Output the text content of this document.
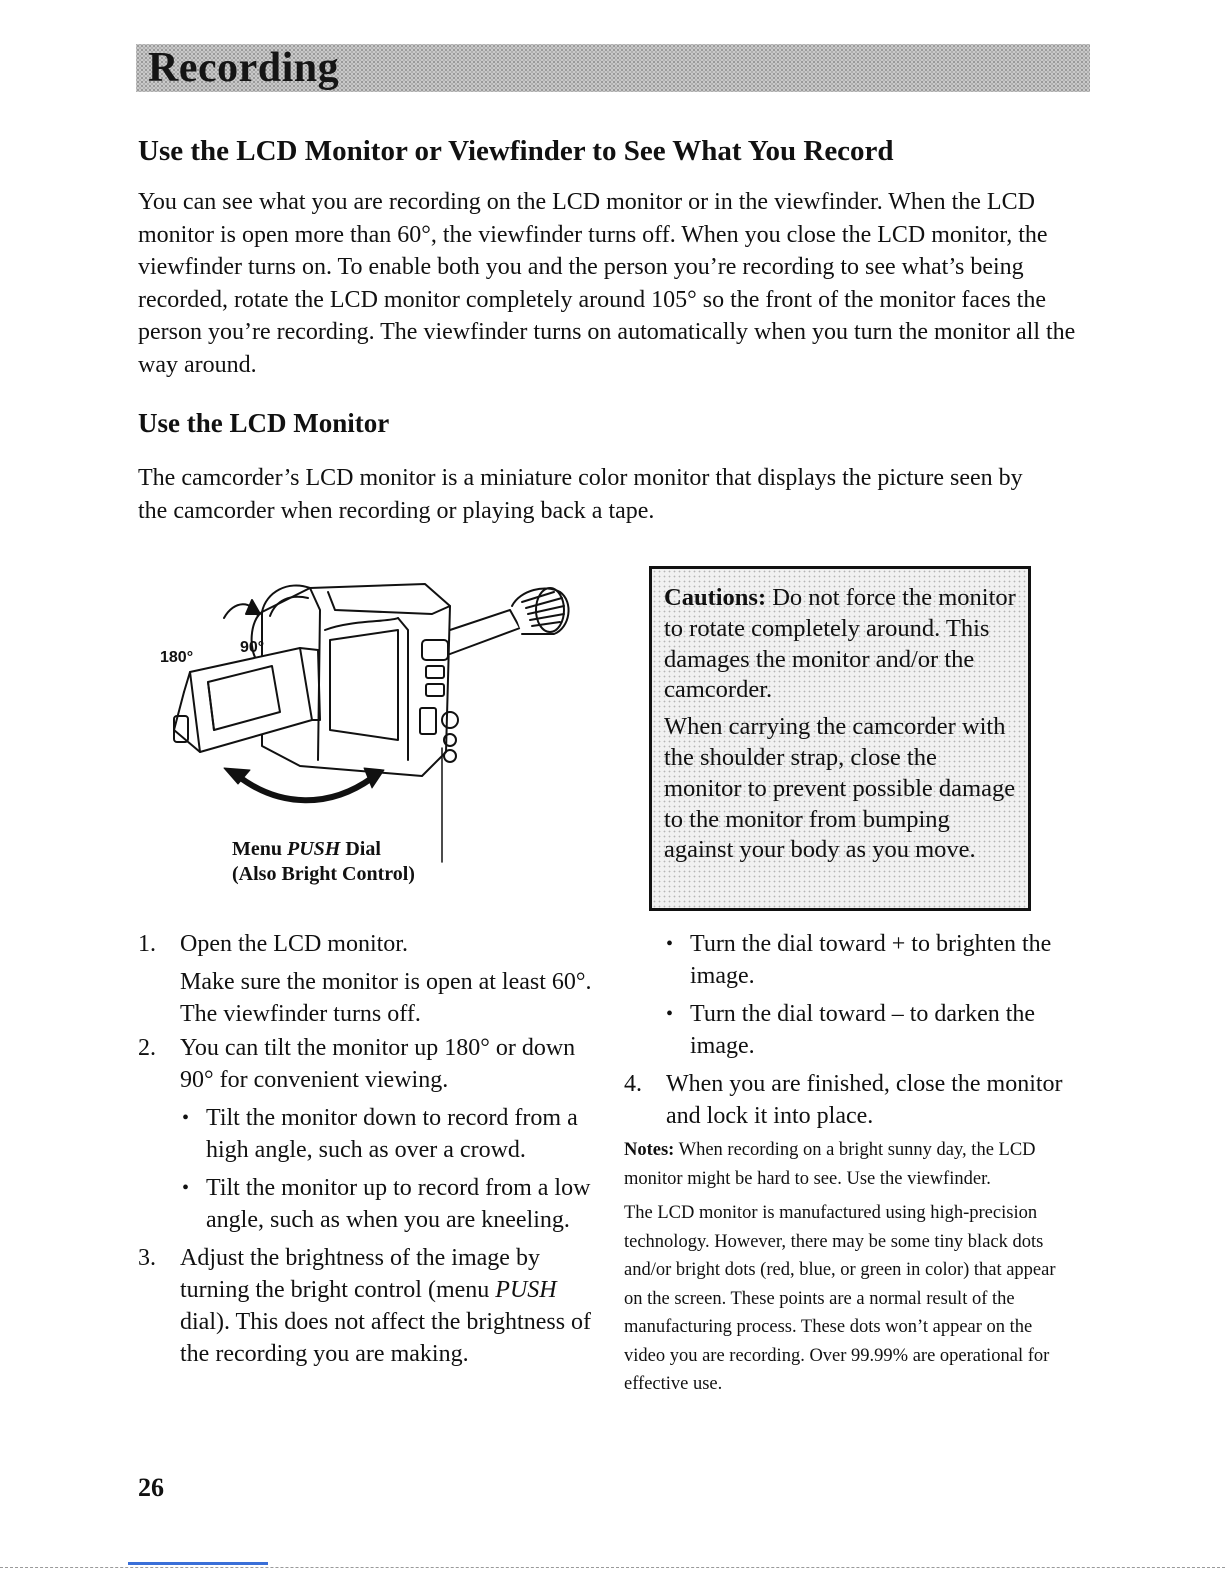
Recording
Use the LCD Monitor or Viewfinder to See What You Record
You can see what you are recording on the LCD monitor or in the viewfinder. When the LCD monitor is open more than 60°, the viewfinder turns off. When you close the LCD monitor, the viewfinder turns on. To enable both you and the person you’re recording to see what’s being recorded, rotate the LCD monitor completely around 105° so the front of the monitor faces the person you’re recording. The viewfinder turns on automatically when you turn the monitor all the way around.
Use the LCD Monitor
The camcorder’s LCD monitor is a miniature color monitor that displays the picture seen by the camcorder when recording or playing back a tape.
180°
90°
Menu PUSH Dial
(Also Bright Control)

Cautions: Do not force the monitor to rotate completely around. This damages the monitor and/or the camcorder.

When carrying the camcorder with the shoulder strap, close the monitor to prevent possible damage to the monitor from bumping against your body as you move.

1. Open the LCD monitor.
Make sure the monitor is open at least 60°. The viewfinder turns off.
2. You can tilt the monitor up 180° or down 90° for convenient viewing.
• Tilt the monitor down to record from a high angle, such as over a crowd.
• Tilt the monitor up to record from a low angle, such as when you are kneeling.
3. Adjust the brightness of the image by turning the bright control (menu PUSH dial). This does not affect the brightness of the recording you are making.
• Turn the dial toward + to brighten the image.
• Turn the dial toward – to darken the image.
4. When you are finished, close the monitor and lock it into place.

Notes: When recording on a bright sunny day, the LCD monitor might be hard to see. Use the viewfinder.

The LCD monitor is manufactured using high-precision technology. However, there may be some tiny black dots and/or bright dots (red, blue, or green in color) that appear on the screen. These points are a normal result of the manufacturing process. These dots won’t appear on the video you are recording. Over 99.99% are operational for effective use.

26
